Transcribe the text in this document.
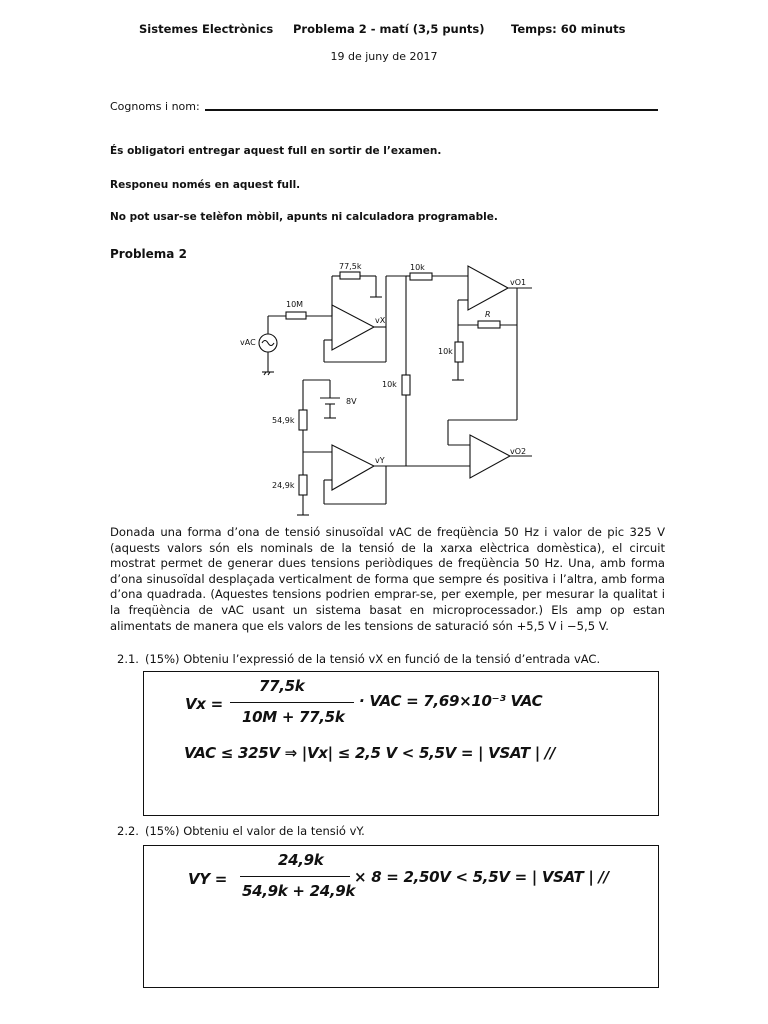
Sistemes Electrònics Problema 2 - matí (3,5 punts) Temps: 60 minuts
19 de juny de 2017
Cognoms i nom:
És obligatori entregar aquest full en sortir de l’examen.
Responeu només en aquest full.
No pot usar-se telèfon mòbil, apunts ni calculadora programable.
Problema 2
77,5k	10k
10M
vX
vO1
R
10k
vAC
10k
8V
54,9k
24,9k
vY
vO2
Donada una forma d’ona de tensió sinusoïdal vAC de freqüència 50 Hz i valor de pic 325 V (aquests valors són els nominals de la tensió de la xarxa elèctrica domèstica), el circuit mostrat permet de generar dues tensions periòdiques de freqüència 50 Hz. Una, amb forma d’ona sinusoïdal desplaçada verticalment de forma que sempre és positiva i l’altra, amb forma d’ona quadrada. (Aquestes tensions podrien emprar-se, per exemple, per mesurar la qualitat i la freqüència de vAC usant un sistema basat en microprocessador.) Els amp op estan alimentats de manera que els valors de les tensions de saturació són +5,5 V i −5,5 V.
2.1. (15%) Obteniu l’expressió de la tensió vX en funció de la tensió d’entrada vAC.
Vx =
77,5k
10M + 77,5k
· VAC = 7,69×10⁻³ VAC
VAC ≤ 325V ⇒ |Vx| ≤ 2,5 V < 5,5V = | VSAT | //
2.2. (15%) Obteniu el valor de la tensió vY.
VY =
24,9k
54,9k + 24,9k
× 8 = 2,50V < 5,5V = | VSAT | //
